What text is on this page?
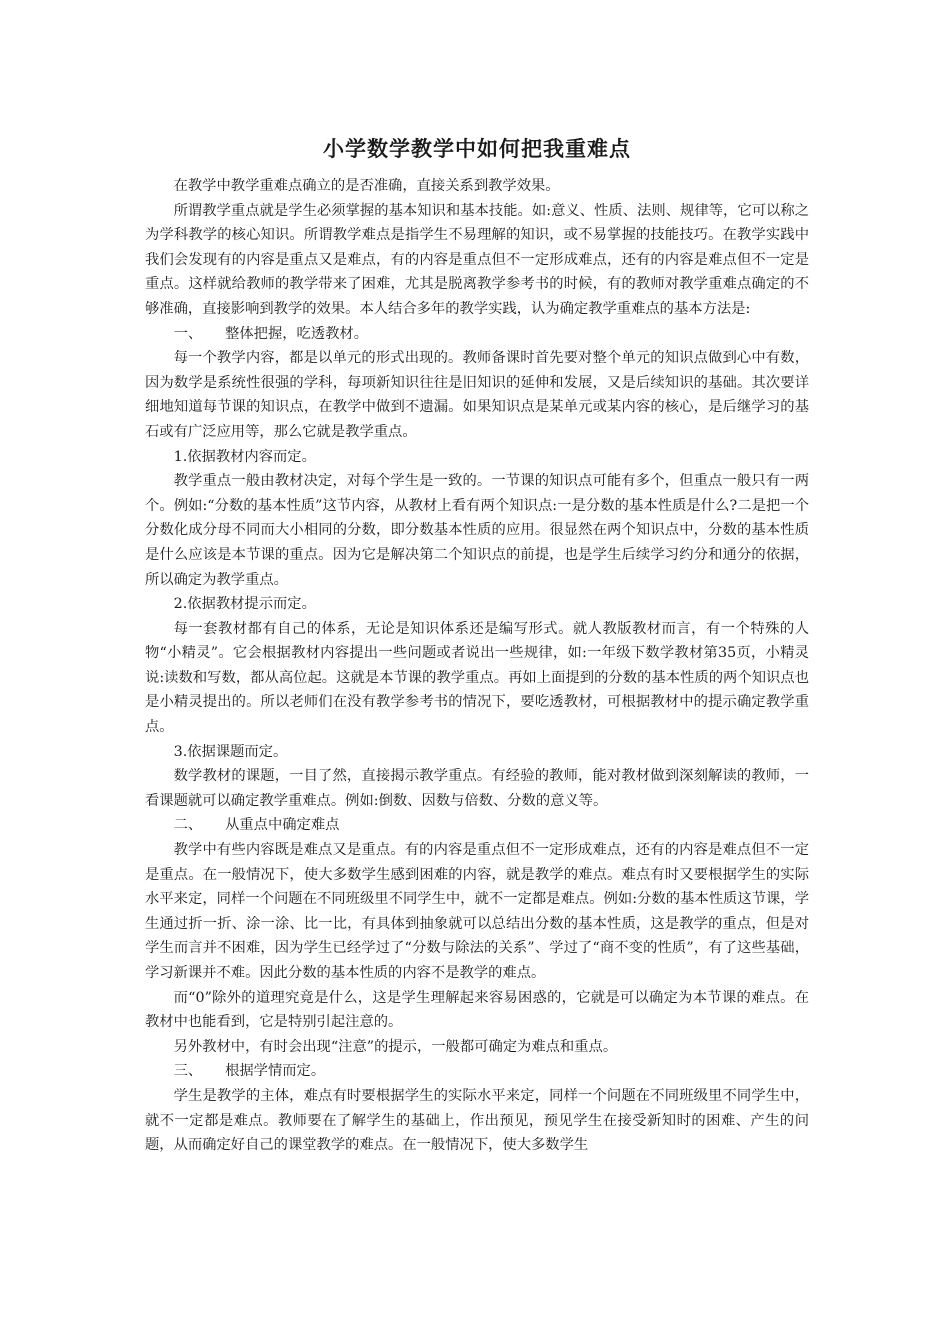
小学数学教学中如何把我重难点

在教学中教学重难点确立的是否准确，直接关系到教学效果。

所谓教学重点就是学生必须掌握的基本知识和基本技能。如:意义、性质、法则、规律等，它可以称之为学科教学的核心知识。所谓教学难点是指学生不易理解的知识，或不易掌握的技能技巧。在教学实践中我们会发现有的内容是重点又是难点，有的内容是重点但不一定形成难点，还有的内容是难点但不一定是重点。这样就给教师的教学带来了困难，尤其是脱离教学参考书的时候，有的教师对教学重难点确定的不够准确，直接影响到教学的效果。本人结合多年的教学实践，认为确定教学重难点的基本方法是:

一、 整体把握，吃透教材。

每一个教学内容，都是以单元的形式出现的。教师备课时首先要对整个单元的知识点做到心中有数，因为数学是系统性很强的学科，每项新知识往往是旧知识的延伸和发展，又是后续知识的基础。其次要详细地知道每节课的知识点，在教学中做到不遗漏。如果知识点是某单元或某内容的核心，是后继学习的基石或有广泛应用等，那么它就是教学重点。

1.依据教材内容而定。

教学重点一般由教材决定，对每个学生是一致的。一节课的知识点可能有多个，但重点一般只有一两个。例如:“分数的基本性质”这节内容，从教材上看有两个知识点:一是分数的基本性质是什么?二是把一个分数化成分母不同而大小相同的分数，即分数基本性质的应用。很显然在两个知识点中，分数的基本性质是什么应该是本节课的重点。因为它是解决第二个知识点的前提，也是学生后续学习约分和通分的依据，所以确定为教学重点。

2.依据教材提示而定。

每一套教材都有自己的体系，无论是知识体系还是编写形式。就人教版教材而言，有一个特殊的人物“小精灵”。它会根据教材内容提出一些问题或者说出一些规律，如:一年级下数学教材第35页，小精灵说:读数和写数，都从高位起。这就是本节课的教学重点。再如上面提到的分数的基本性质的两个知识点也是小精灵提出的。所以老师们在没有教学参考书的情况下，要吃透教材，可根据教材中的提示确定教学重点。

3.依据课题而定。

数学教材的课题，一目了然，直接揭示教学重点。有经验的教师，能对教材做到深刻解读的教师，一看课题就可以确定教学重难点。例如:倒数、因数与倍数、分数的意义等。

二、 从重点中确定难点

教学中有些内容既是难点又是重点。有的内容是重点但不一定形成难点，还有的内容是难点但不一定是重点。在一般情况下，使大多数学生感到困难的内容，就是教学的难点。难点有时又要根据学生的实际水平来定，同样一个问题在不同班级里不同学生中，就不一定都是难点。例如:分数的基本性质这节课，学生通过折一折、涂一涂、比一比，有具体到抽象就可以总结出分数的基本性质，这是教学的重点，但是对学生而言并不困难，因为学生已经学过了“分数与除法的关系”、学过了“商不变的性质”，有了这些基础，学习新课并不难。因此分数的基本性质的内容不是教学的难点。

而“0”除外的道理究竟是什么，这是学生理解起来容易困惑的，它就是可以确定为本节课的难点。在教材中也能看到，它是特别引起注意的。

另外教材中，有时会出现“注意”的提示，一般都可确定为难点和重点。

三、 根据学情而定。

学生是教学的主体，难点有时要根据学生的实际水平来定，同样一个问题在不同班级里不同学生中，就不一定都是难点。教师要在了解学生的基础上，作出预见，预见学生在接受新知时的困难、产生的问题，从而确定好自己的课堂教学的难点。在一般情况下，使大多数学生
